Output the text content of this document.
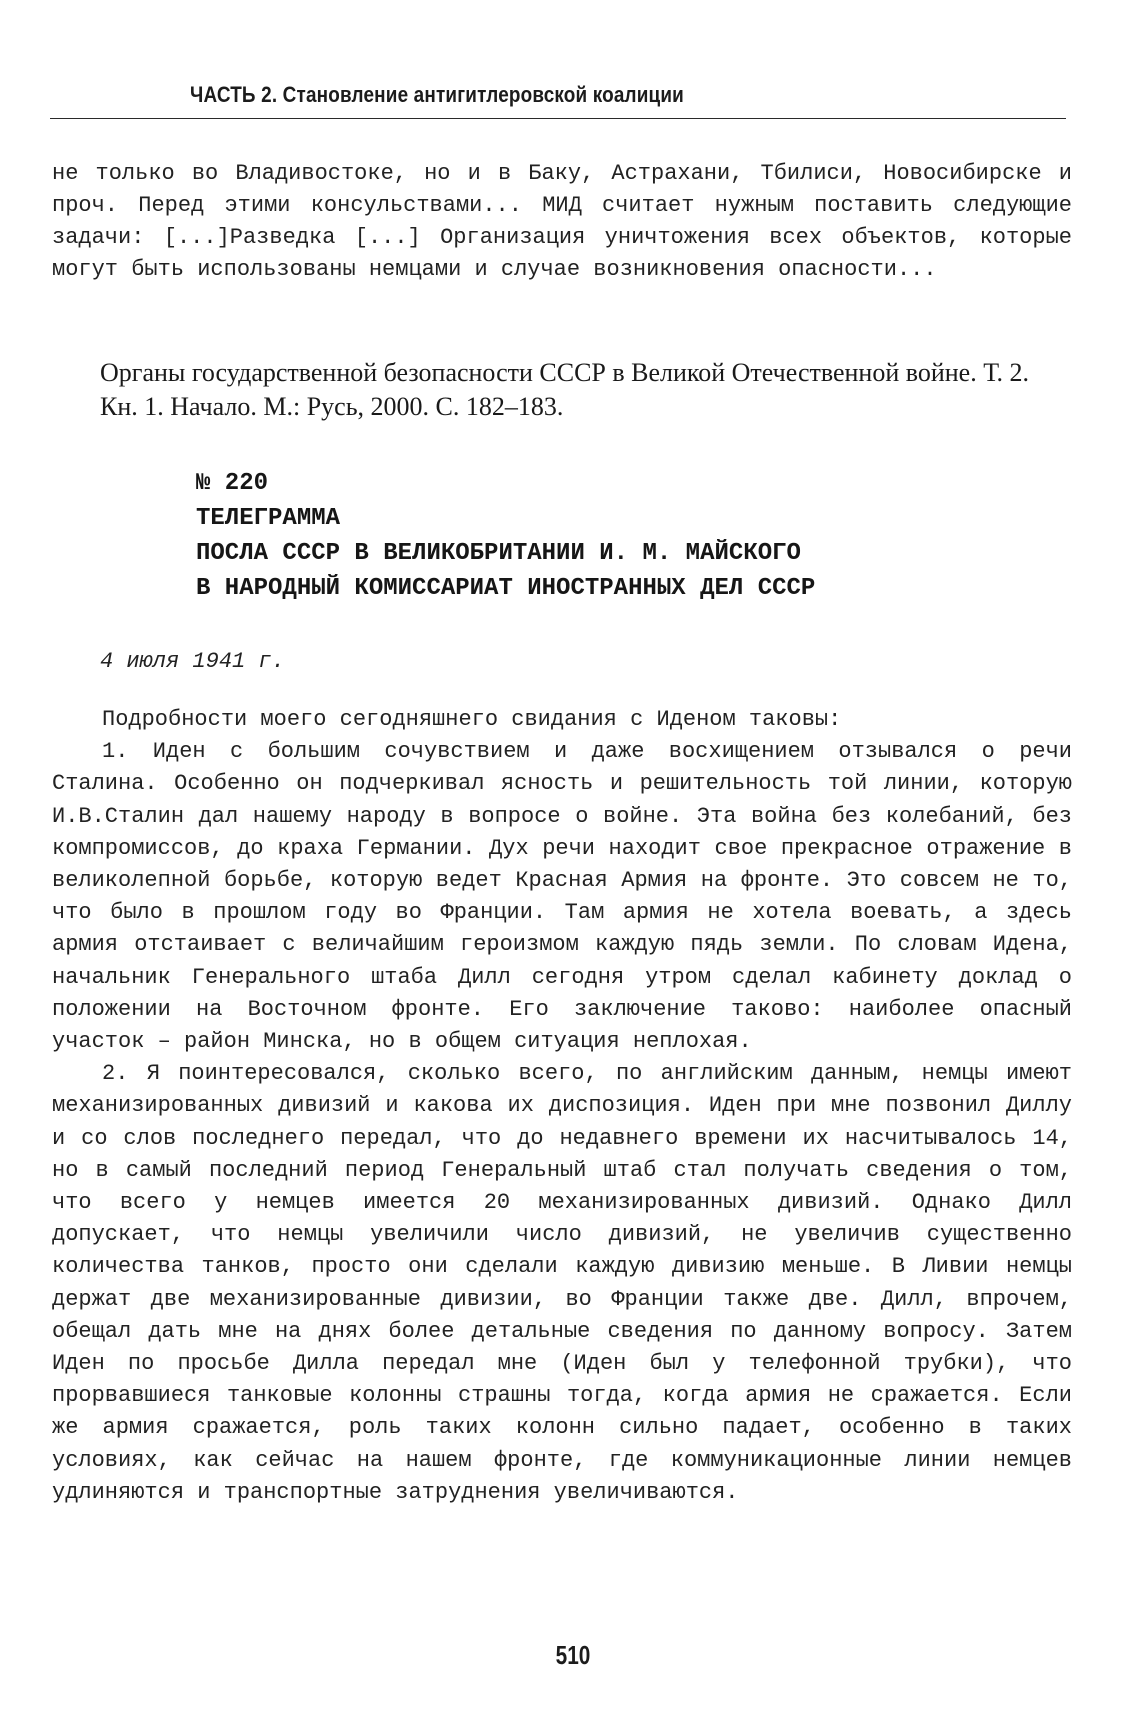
ЧАСТЬ 2. Становление антигитлеровской коалиции
не только во Владивостоке, но и в Баку, Астрахани, Тбилиси, Новосибирске и проч. Перед этими консульствами... МИД считает нужным поставить следующие задачи: [...]Разведка [...] Организация уничтожения всех объектов, которые могут быть использованы немцами и случае возникновения опасности...
Органы государственной безопасности СССР в Великой Отечественной войне. Т. 2. Кн. 1. Начало. М.: Русь, 2000. С. 182–183.
№ 220
ТЕЛЕГРАММА
ПОСЛА СССР В ВЕЛИКОБРИТАНИИ И. М. МАЙСКОГО
В НАРОДНЫЙ КОМИССАРИАТ ИНОСТРАННЫХ ДЕЛ СССР
4 июля 1941 г.

Подробности моего сегодняшнего свидания с Иденом таковы:

1. Иден с большим сочувствием и даже восхищением отзывался о речи Сталина. Особенно он подчеркивал ясность и решительность той линии, которую И.В.Сталин дал нашему народу в вопросе о войне. Эта война без колебаний, без компромиссов, до краха Германии. Дух речи находит свое прекрасное отражение в великолепной борьбе, которую ведет Красная Армия на фронте. Это совсем не то, что было в прошлом году во Франции. Там армия не хотела воевать, а здесь армия отстаивает с величайшим героизмом каждую пядь земли. По словам Идена, начальник Генерального штаба Дилл сегодня утром сделал кабинету доклад о положении на Восточном фронте. Его заключение таково: наиболее опасный участок – район Минска, но в общем ситуация неплохая.

2. Я поинтересовался, сколько всего, по английским данным, немцы имеют механизированных дивизий и какова их диспозиция. Иден при мне позвонил Диллу и со слов последнего передал, что до недавнего времени их насчитывалось 14, но в самый последний период Генеральный штаб стал получать сведения о том, что всего у немцев имеется 20 механизированных дивизий. Однако Дилл допускает, что немцы увеличили число дивизий, не увеличив существенно количества танков, просто они сделали каждую дивизию меньше. В Ливии немцы держат две механизированные дивизии, во Франции также две. Дилл, впрочем, обещал дать мне на днях более детальные сведения по данному вопросу. Затем Иден по просьбе Дилла передал мне (Иден был у телефонной трубки), что прорвавшиеся танковые колонны страшны тогда, когда армия не сражается. Если же армия сражается, роль таких колонн сильно падает, особенно в таких условиях, как сейчас на нашем фронте, где коммуникационные линии немцев удлиняются и транспортные затруднения увеличиваются.

510
